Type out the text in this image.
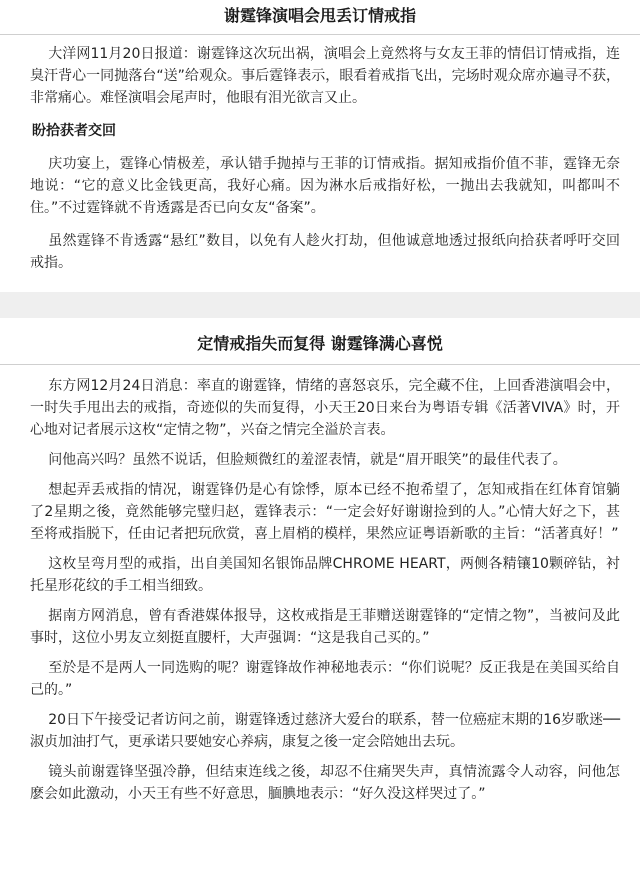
谢霆锋演唱会甩丢订情戒指

大洋网11月20日报道：谢霆锋这次玩出祸，演唱会上竟然将与女友王菲的情侣订情戒指，连臭汗背心一同抛落台“送”给观众。事后霆锋表示，眼看着戒指飞出，完场时观众席亦遍寻不获，非常痛心。难怪演唱会尾声时，他眼有泪光欲言又止。

盼拾获者交回

庆功宴上，霆锋心情极差，承认错手抛掉与王菲的订情戒指。据知戒指价值不菲，霆锋无奈地说：“它的意义比金钱更高，我好心痛。因为淋水后戒指好松，一抛出去我就知，叫都叫不住。”不过霆锋就不肯透露是否已向女友“备案”。

虽然霆锋不肯透露“悬红”数目，以免有人趁火打劫，但他诚意地透过报纸向拾获者呼吁交回戒指。

定情戒指失而复得 谢霆锋满心喜悦

东方网12月24日消息：率直的谢霆锋，情绪的喜怒哀乐，完全藏不住，上回香港演唱会中，一时失手甩出去的戒指，奇迹似的失而复得，小天王20日来台为粤语专辑《活著VIVA》时，开心地对记者展示这枚“定情之物”，兴奋之情完全溢於言表。

问他高兴吗？虽然不说话，但脸颊微红的羞涩表情，就是“眉开眼笑”的最佳代表了。

想起弄丢戒指的情况，谢霆锋仍是心有馀悸，原本已经不抱希望了，怎知戒指在红体育馆躺了2星期之後，竟然能够完璧归赵，霆锋表示：“一定会好好谢谢捡到的人。”心情大好之下，甚至将戒指脱下，任由记者把玩欣赏，喜上眉梢的模样，果然应证粤语新歌的主旨：“活著真好！”

这枚呈弯月型的戒指，出自美国知名银饰品牌CHROME HEART，两侧各精镶10颗碎钻，衬托星形花纹的手工相当细致。

据南方网消息，曾有香港媒体报导，这枚戒指是王菲赠送谢霆锋的“定情之物”，当被问及此事时，这位小男友立刻挺直腰杆，大声强调：“这是我自己买的。”

至於是不是两人一同选购的呢？谢霆锋故作神秘地表示：“你们说呢？反正我是在美国买给自己的。”

20日下午接受记者访问之前，谢霆锋透过慈济大爱台的联系，替一位癌症末期的16岁歌迷──淑贞加油打气，更承诺只要她安心养病，康复之後一定会陪她出去玩。

镜头前谢霆锋坚强冷静，但结束连线之後，却忍不住痛哭失声，真情流露令人动容，问他怎麽会如此激动，小天王有些不好意思，腼腆地表示：“好久没这样哭过了。”
